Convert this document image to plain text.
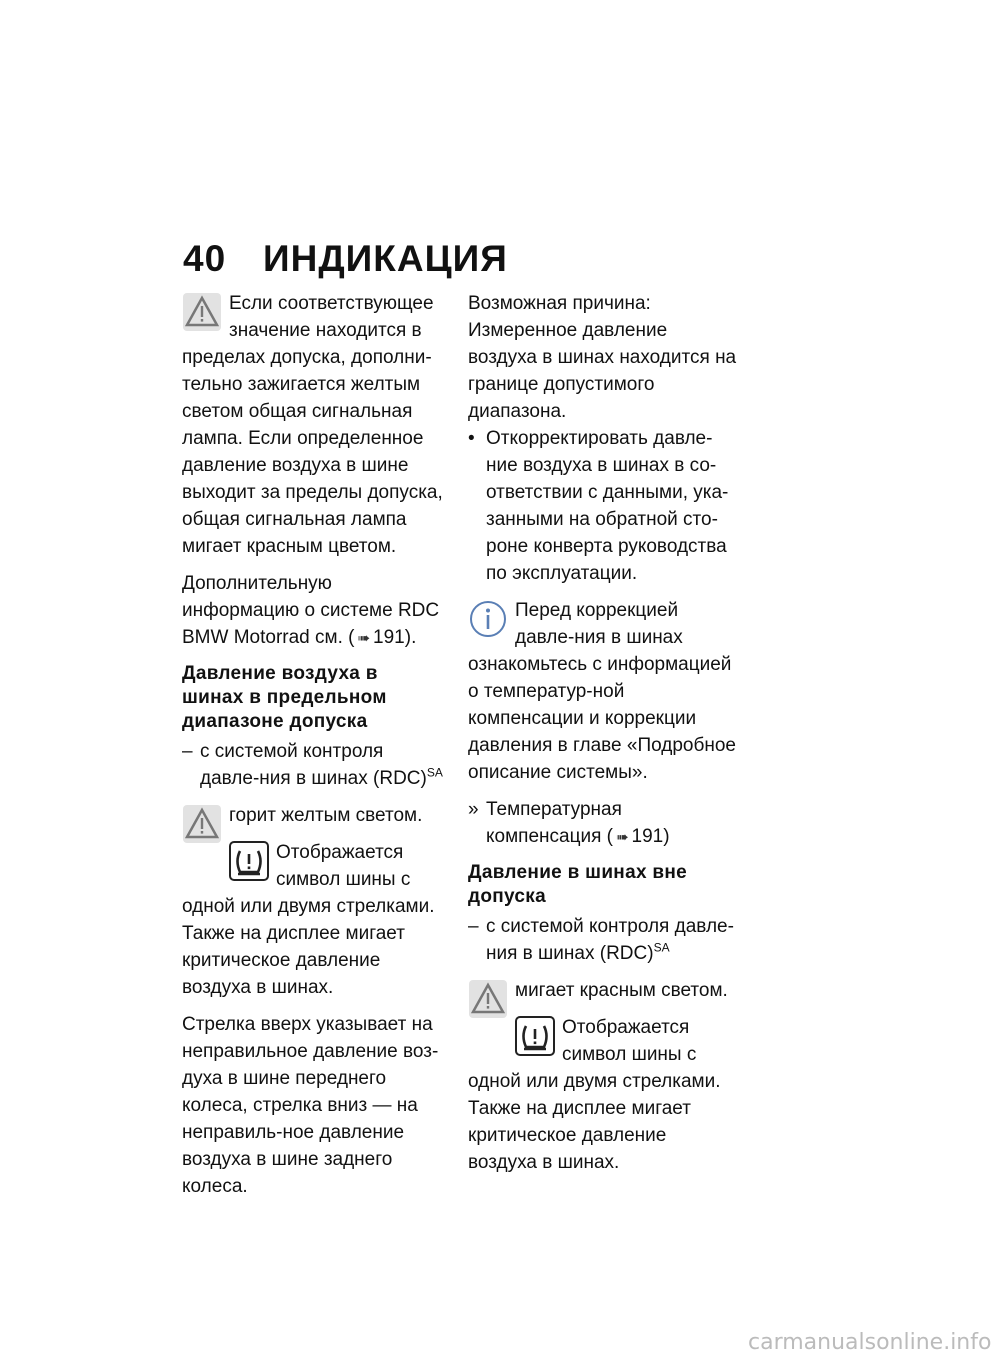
40 ИНДИКАЦИЯ

Если соответствующее значение находится в пределах допуска, дополни-тельно зажигается желтым светом общая сигнальная лампа. Если определенное давление воздуха в шине выходит за пределы допуска, общая сигнальная лампа мигает красным цветом.

Дополнительную информацию о системе RDC BMW Motorrad см. ( ➠ 191).

Давление воздуха в шинах в предельном диапазоне допуска

– с системой контроля давле-ния в шинах (RDC)$^{SA}$

горит желтым светом.

Отображается символ шины с одной или двумя стрелками. Также на дисплее мигает критическое давление воздуха в шинах.

Стрелка вверх указывает на неправильное давление воз-духа в шине переднего колеса, стрелка вниз — на неправиль-ное давление воздуха в шине заднего колеса.

Возможная причина: Измеренное давление воздуха в шинах находится на границе допустимого диапазона.

• Откорректировать давле-ние воздуха в шинах в со-ответствии с данными, ука-занными на обратной сто-роне конверта руководства по эксплуатации.

Перед коррекцией давле-ния в шинах ознакомьтесь с информацией о температур-ной компенсации и коррекции давления в главе «Подробное описание системы».

» Температурная компенсация ( ➠ 191)

Давление в шинах вне допуска

– с системой контроля давле-ния в шинах (RDC)$^{SA}$

мигает красным светом.

Отображается символ шины с одной или двумя стрелками. Также на дисплее мигает критическое давление воздуха в шинах.

carmanualsonline.info
